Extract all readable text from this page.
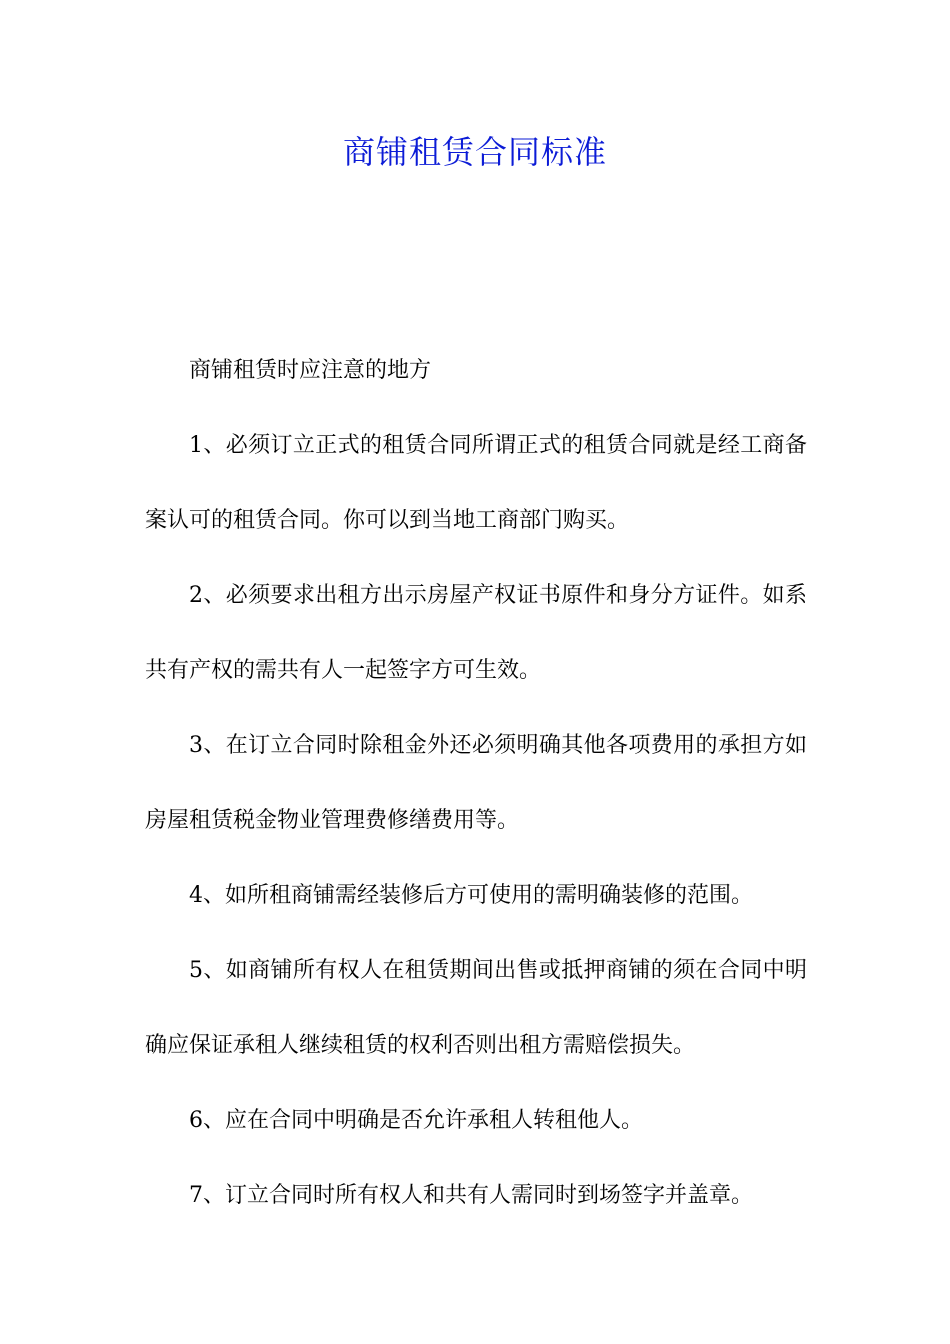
商铺租赁合同标准

商铺租赁时应注意的地方

1、必须订立正式的租赁合同所谓正式的租赁合同就是经工商备案认可的租赁合同。你可以到当地工商部门购买。

2、必须要求出租方出示房屋产权证书原件和身分方证件。如系共有产权的需共有人一起签字方可生效。

3、在订立合同时除租金外还必须明确其他各项费用的承担方如房屋租赁税金物业管理费修缮费用等。

4、如所租商铺需经装修后方可使用的需明确装修的范围。

5、如商铺所有权人在租赁期间出售或抵押商铺的须在合同中明确应保证承租人继续租赁的权利否则出租方需赔偿损失。

6、应在合同中明确是否允许承租人转租他人。

7、订立合同时所有权人和共有人需同时到场签字并盖章。
